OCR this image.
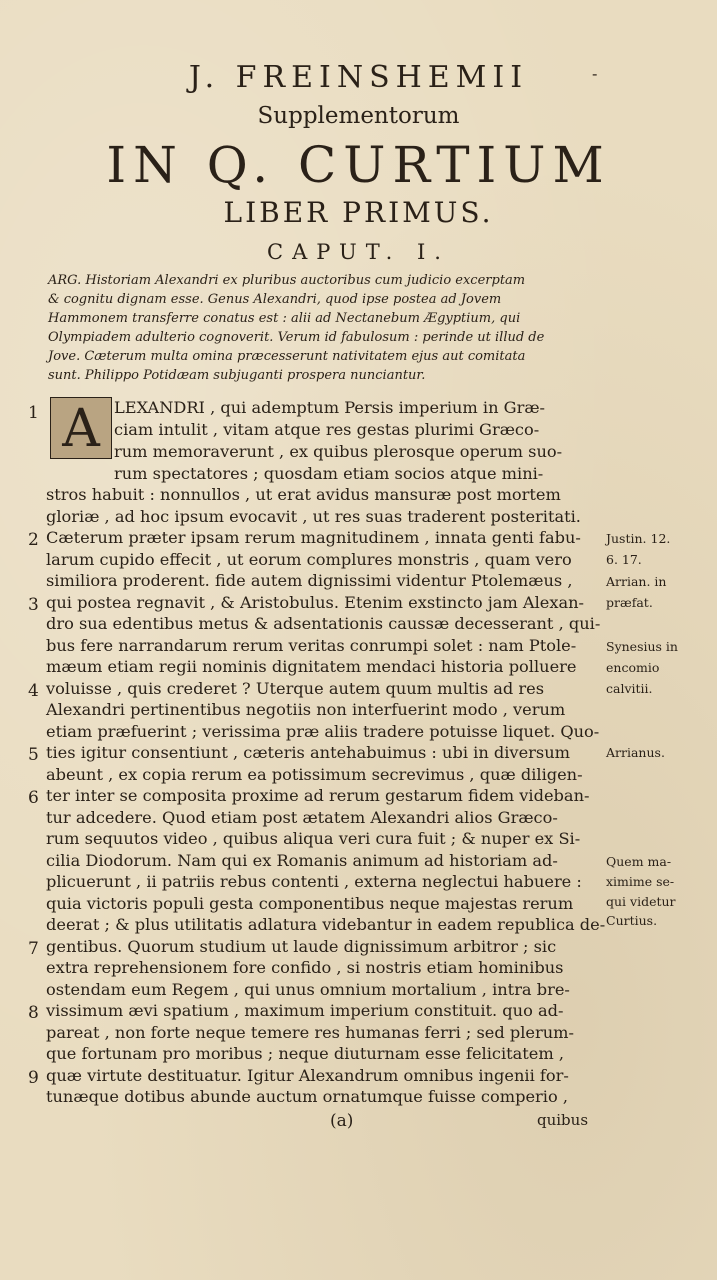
J. FREINSHEMII	-
Supplementorum
IN Q. CURTIUM
LIBER PRIMUS.
CAPUT. I.
ARG. Historiam Alexandri ex pluribus auctoribus cum judicio excerptam
& cognitu dignam esse. Genus Alexandri, quod ipse postea ad Jovem
Hammonem transferre conatus est : alii ad Nectanebum Ægyptium, qui
Olympiadem adulterio cognoverit. Verum id fabulosum : perinde ut illud de
Jove. Cæterum multa omina præcesserunt nativitatem ejus aut comitata
sunt. Philippo Potidæam subjuganti prospera nunciantur.
A LEXANDRI , qui ademptum Persis imperium in Græ-
ciam intulit , vitam atque res gestas plurimi Græco-
rum memoraverunt , ex quibus plerosque operum suo-
rum spectatores ; quosdam etiam socios atque mini-
stros habuit : nonnullos , ut erat avidus mansuræ post mortem
gloriæ , ad hoc ipsum evocavit , ut res suas traderent posteritati.
Cæterum præter ipsam rerum magnitudinem , innata genti fabu-
larum cupido effecit , ut eorum complures monstris , quam vero
similiora proderent. fide autem dignissimi videntur Ptolemæus ,
qui postea regnavit , & Aristobulus. Etenim exstincto jam Alexan-
dro sua edentibus metus & adsentationis caussæ decesserant , qui-
bus fere narrandarum rerum veritas conrumpi solet : nam Ptole-
mæum etiam regii nominis dignitatem mendaci historia polluere
voluisse , quis crederet ? Uterque autem quum multis ad res
Alexandri pertinentibus negotiis non interfuerint modo , verum
etiam præfuerint ; verissima præ aliis tradere potuisse liquet. Quo-
ties igitur consentiunt , cæteris antehabuimus : ubi in diversum
abeunt , ex copia rerum ea potissimum secrevimus , quæ diligen-
ter inter se composita proxime ad rerum gestarum fidem videban-
tur adcedere. Quod etiam post ætatem Alexandri alios Græco-
rum sequutos video , quibus aliqua veri cura fuit ; & nuper ex Si-
cilia Diodorum. Nam qui ex Romanis animum ad historiam ad-
plicuerunt , ii patriis rebus contenti , externa neglectui habuere :
quia victoris populi gesta componentibus neque majestas rerum
deerat ; & plus utilitatis adlatura videbantur in eadem republica de-
gentibus. Quorum studium ut laude dignissimum arbitror ; sic
extra reprehensionem fore confido , si nostris etiam hominibus
ostendam eum Regem , qui unus omnium mortalium , intra bre-
vissimum ævi spatium , maximum imperium constituit. quo ad-
pareat , non forte neque temere res humanas ferri ; sed plerum-
que fortunam pro moribus ; neque diuturnam esse felicitatem ,
quæ virtute destituatur. Igitur Alexandrum omnibus ingenii for-
tunæque dotibus abunde auctum ornatumque fuisse comperio ,
1
2
3
4
5
6
7
8
9
Justin. 12.
6. 17.
Arrian. in
præfat.
Synesius in
encomio
calvitii.
Arrianus.
Quem ma-
ximime se-
qui videtur
Curtius.
(a)	quibus
